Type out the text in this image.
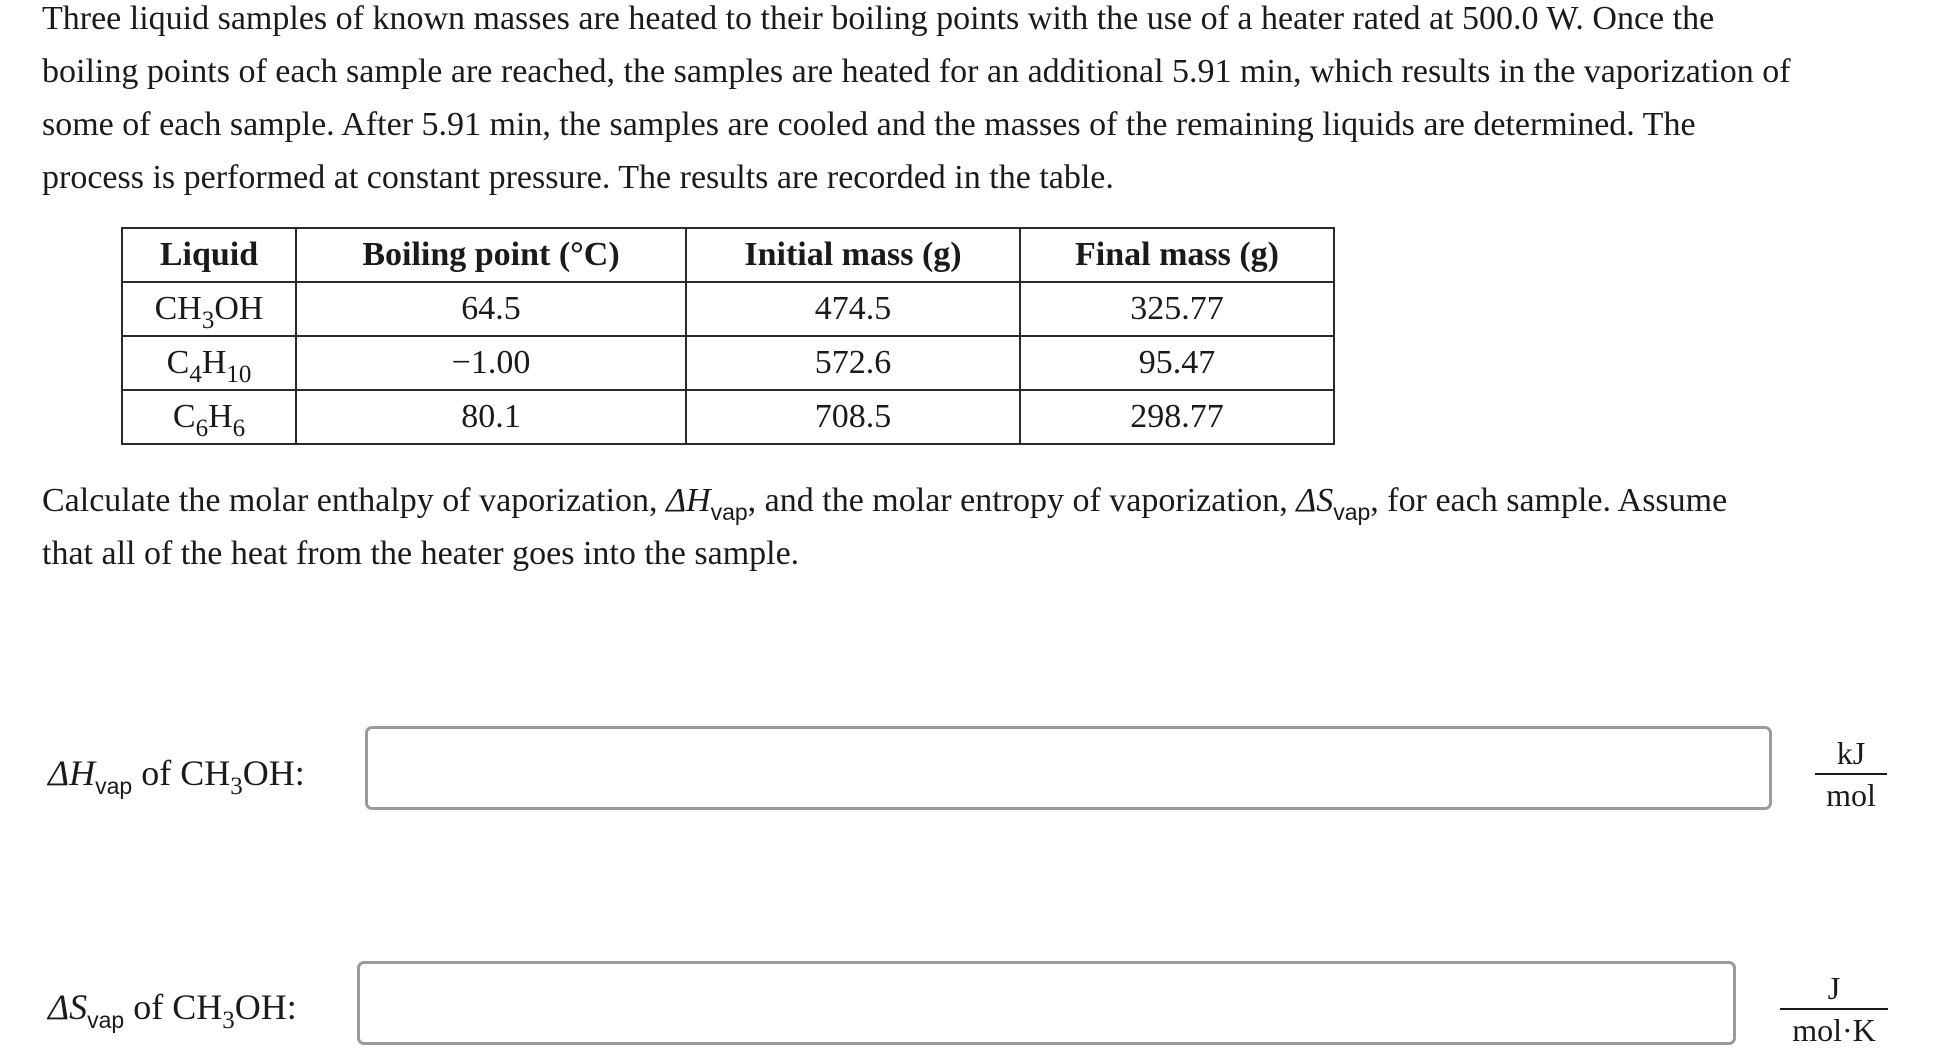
Three liquid samples of known masses are heated to their boiling points with the use of a heater rated at 500.0 W. Once the
boiling points of each sample are reached, the samples are heated for an additional 5.91 min, which results in the vaporization of
some of each sample. After 5.91 min, the samples are cooled and the masses of the remaining liquids are determined. The
process is performed at constant pressure. The results are recorded in the table.

Liquid	Boiling point (°C)	Initial mass (g)	Final mass (g)
$CH_3OH$	64.5	474.5	325.77
$C_4H_{10}$	−1.00	572.6	95.47
$C_6H_6$	80.1	708.5	298.77

Calculate the molar enthalpy of vaporization, $\Delta H_{vap}$, and the molar entropy of vaporization, $\Delta S_{vap}$, for each sample. Assume
that all of the heat from the heater goes into the sample.

$\Delta H_{vap}$ of $CH_3OH$:	kJ
mol
$\Delta S_{vap}$ of $CH_3OH$:	J
mol·K
